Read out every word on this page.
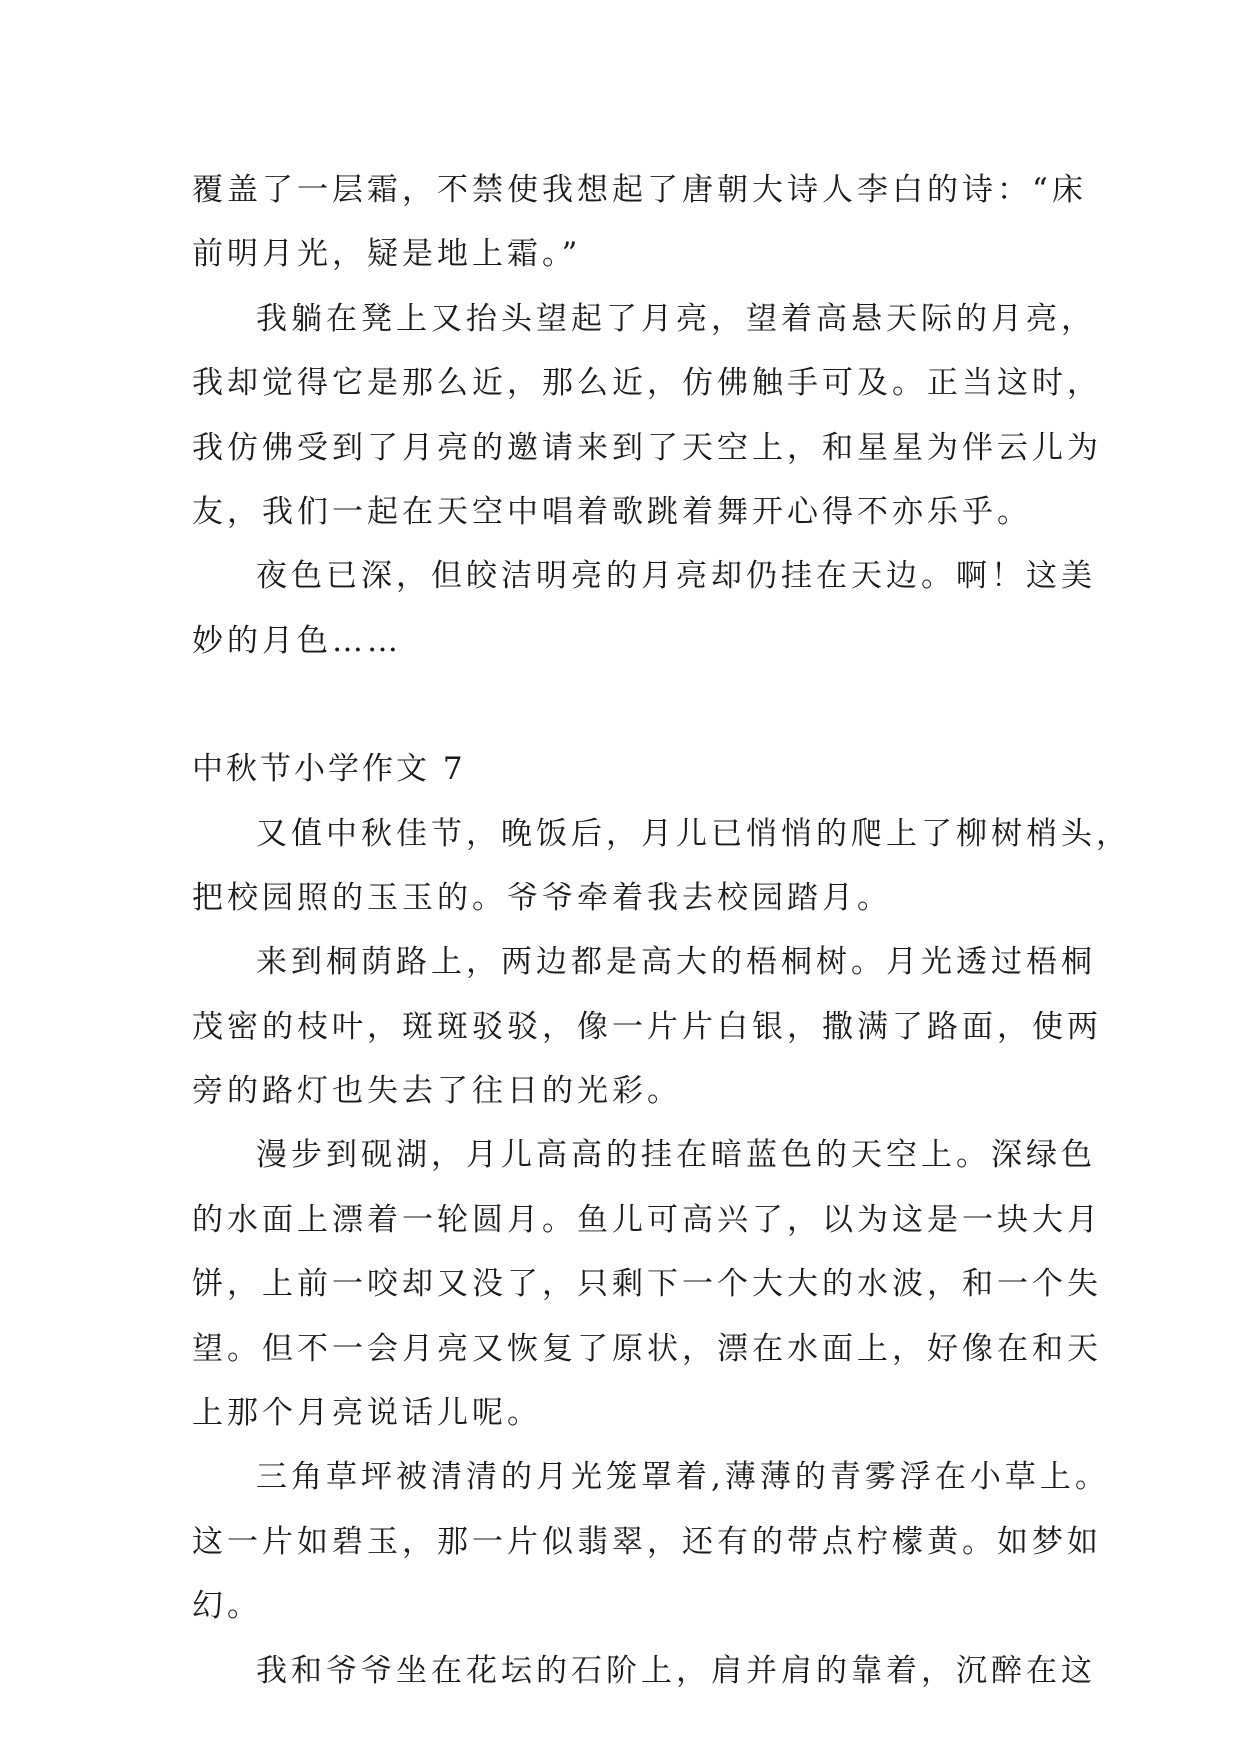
覆盖了一层霜，不禁使我想起了唐朝大诗人李白的诗：“床
前明月光，疑是地上霜。”
我躺在凳上又抬头望起了月亮，望着高悬天际的月亮，
我却觉得它是那么近，那么近，仿佛触手可及。正当这时，
我仿佛受到了月亮的邀请来到了天空上，和星星为伴云儿为
友，我们一起在天空中唱着歌跳着舞开心得不亦乐乎。
夜色已深，但皎洁明亮的月亮却仍挂在天边。啊！这美
妙的月色……
中秋节小学作文 7
又值中秋佳节，晚饭后，月儿已悄悄的爬上了柳树梢头，
把校园照的玉玉的。爷爷牵着我去校园踏月。
来到桐荫路上，两边都是高大的梧桐树。月光透过梧桐
茂密的枝叶，斑斑驳驳，像一片片白银，撒满了路面，使两
旁的路灯也失去了往日的光彩。
漫步到砚湖，月儿高高的挂在暗蓝色的天空上。深绿色
的水面上漂着一轮圆月。鱼儿可高兴了，以为这是一块大月
饼，上前一咬却又没了，只剩下一个大大的水波，和一个失
望。但不一会月亮又恢复了原状，漂在水面上，好像在和天
上那个月亮说话儿呢。
三角草坪被清清的月光笼罩着,薄薄的青雾浮在小草上。
这一片如碧玉，那一片似翡翠，还有的带点柠檬黄。如梦如
幻。
我和爷爷坐在花坛的石阶上，肩并肩的靠着，沉醉在这
